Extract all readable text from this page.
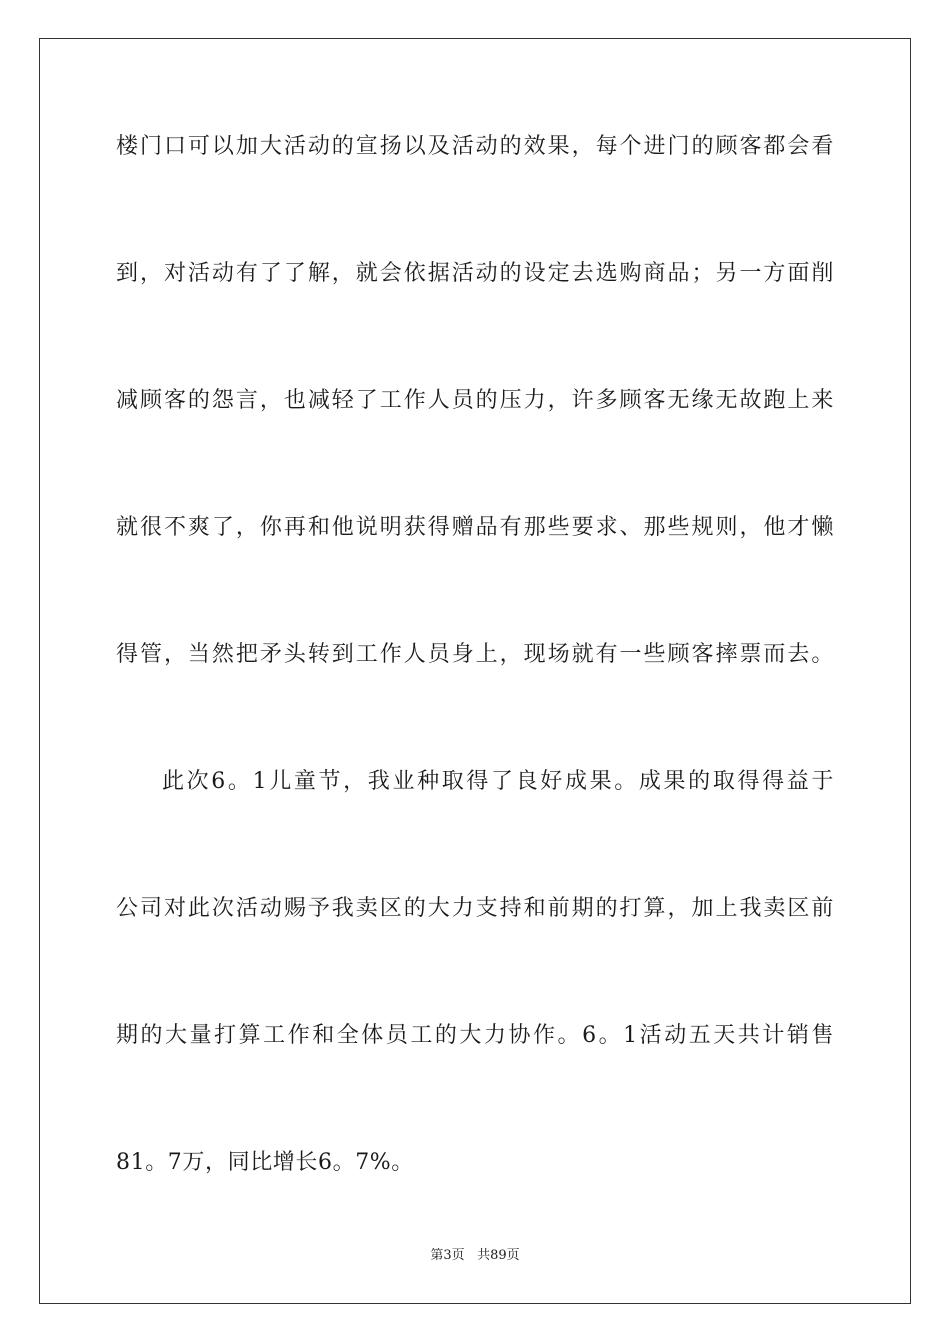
楼门口可以加大活动的宣扬以及活动的效果，每个进门的顾客都会看
到，对活动有了了解，就会依据活动的设定去选购商品；另一方面削
减顾客的怨言，也减轻了工作人员的压力，许多顾客无缘无故跑上来
就很不爽了，你再和他说明获得赠品有那些要求、那些规则，他才懒
得管，当然把矛头转到工作人员身上，现场就有一些顾客摔票而去。
此次6。1儿童节，我业种取得了良好成果。成果的取得得益于
公司对此次活动赐予我卖区的大力支持和前期的打算，加上我卖区前
期的大量打算工作和全体员工的大力协作。6。1活动五天共计销售
81。7万，同比增长6。7%。
第3页 共89页
